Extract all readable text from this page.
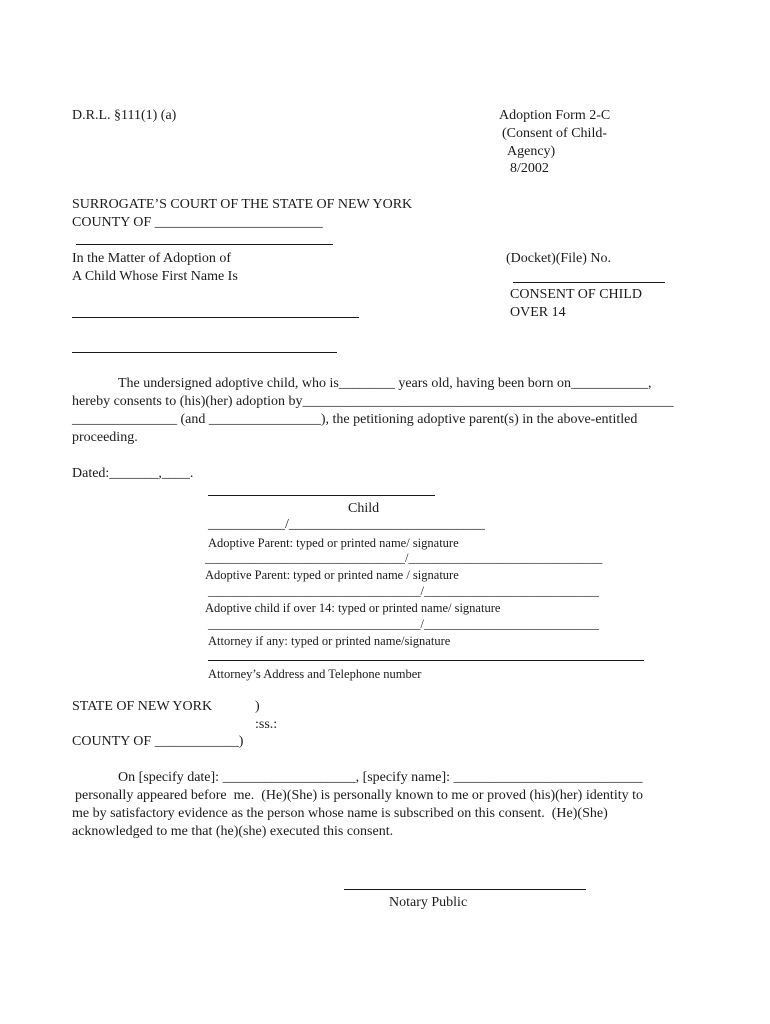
D.R.L. §111(1) (a)	Adoption Form 2-C
(Consent of Child-
Agency)
8/2002
SURROGATE’S COURT OF THE STATE OF NEW YORK
COUNTY OF ________________________
In the Matter of Adoption of
A Child Whose First Name Is
(Docket)(File) No.
CONSENT OF CHILD
OVER 14
The undersigned adoptive child, who is________ years old, having been born on___________,
hereby consents to (his)(her) adoption by_____________________________________________________
_______________ (and ________________), the petitioning adoptive parent(s) in the above-entitled
proceeding.
Dated:_______,____.
Child
___________/____________________________
Adoptive Parent: typed or printed name/ signature
________________________________/_______________________________
Adoptive Parent: typed or printed name / signature
__________________________________/____________________________
Adoptive child if over 14: typed or printed name/ signature
__________________________________/____________________________
Attorney if any: typed or printed name/signature
Attorney’s Address and Telephone number
STATE OF NEW YORK	)
:ss.:
COUNTY OF ____________)
On [specify date]: ___________________, [specify name]: ___________________________
personally appeared before  me.  (He)(She) is personally known to me or proved (his)(her) identity to
me by satisfactory evidence as the person whose name is subscribed on this consent.  (He)(She)
acknowledged to me that (he)(she) executed this consent.
Notary Public
